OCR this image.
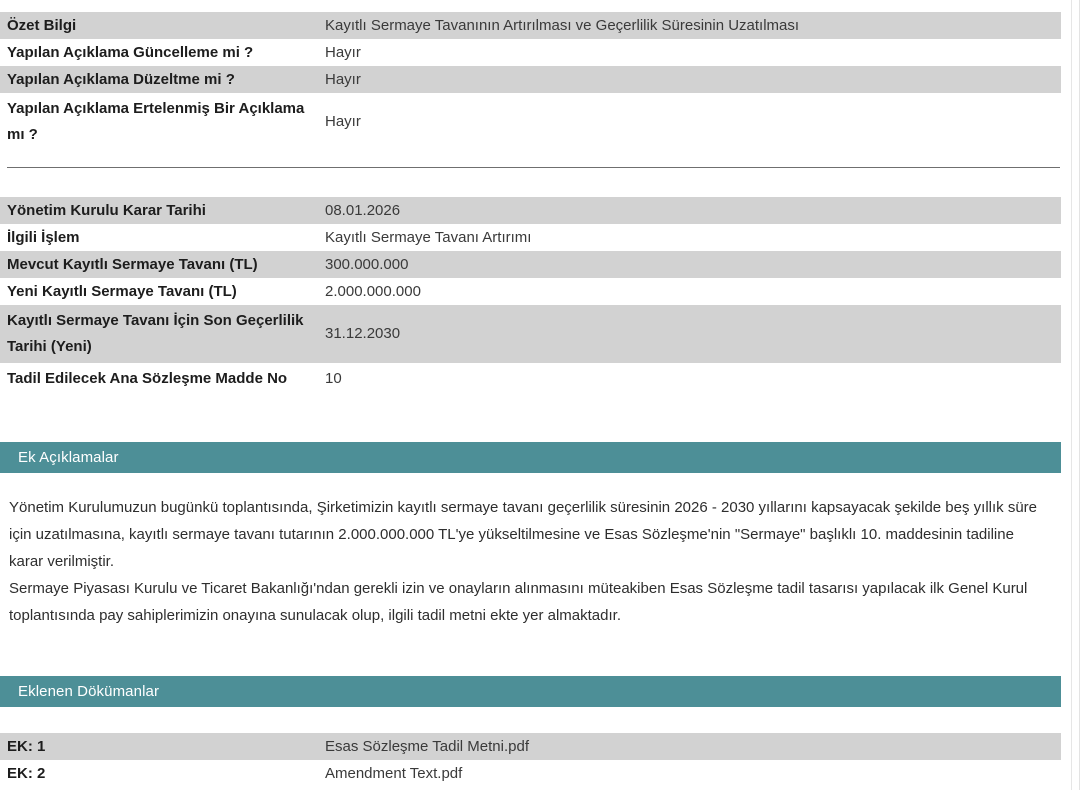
Özet Bilgi	Kayıtlı Sermaye Tavanının Artırılması ve Geçerlilik Süresinin Uzatılması
Yapılan Açıklama Güncelleme mi ?	Hayır
Yapılan Açıklama Düzeltme mi ?	Hayır
Yapılan Açıklama Ertelenmiş Bir Açıklama mı ?	Hayır
Yönetim Kurulu Karar Tarihi	08.01.2026
İlgili İşlem	Kayıtlı Sermaye Tavanı Artırımı
Mevcut Kayıtlı Sermaye Tavanı (TL)	300.000.000
Yeni Kayıtlı Sermaye Tavanı (TL)	2.000.000.000
Kayıtlı Sermaye Tavanı İçin Son Geçerlilik Tarihi (Yeni)	31.12.2030
Tadil Edilecek Ana Sözleşme Madde No	10
Ek Açıklamalar

Yönetim Kurulumuzun bugünkü toplantısında, Şirketimizin kayıtlı sermaye tavanı geçerlilik süresinin 2026 - 2030 yıllarını kapsayacak şekilde beş yıllık süre için uzatılmasına, kayıtlı sermaye tavanı tutarının 2.000.000.000 TL'ye yükseltilmesine ve Esas Sözleşme'nin "Sermaye" başlıklı 10. maddesinin tadiline karar verilmiştir.

Sermaye Piyasası Kurulu ve Ticaret Bakanlığı'ndan gerekli izin ve onayların alınmasını müteakiben Esas Sözleşme tadil tasarısı yapılacak ilk Genel Kurul toplantısında pay sahiplerimizin onayına sunulacak olup, ilgili tadil metni ekte yer almaktadır.

Eklenen Dökümanlar
EK: 1	Esas Sözleşme Tadil Metni.pdf
EK: 2	Amendment Text.pdf
